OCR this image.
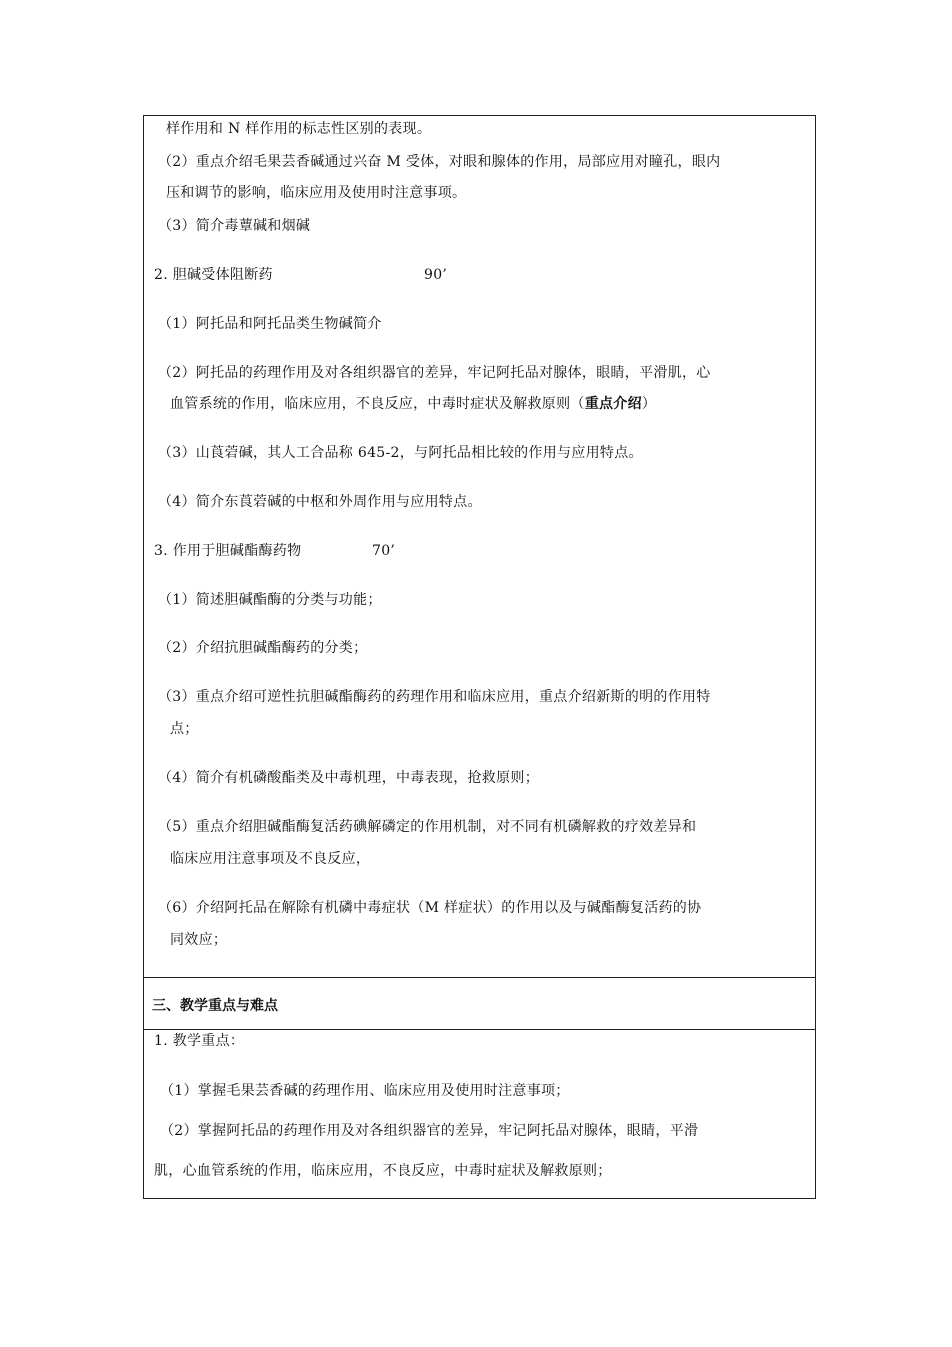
样作用和 N 样作用的标志性区别的表现。
（2）重点介绍毛果芸香碱通过兴奋 M 受体，对眼和腺体的作用，局部应用对瞳孔，眼内
压和调节的影响，临床应用及使用时注意事项。
（3）简介毒蕈碱和烟碱
2. 胆碱受体阻断药	90’
（1）阿托品和阿托品类生物碱简介
（2）阿托品的药理作用及对各组织器官的差异，牢记阿托品对腺体，眼睛，平滑肌，心
血管系统的作用，临床应用，不良反应，中毒时症状及解救原则（重点介绍）
（3）山莨菪碱，其人工合品称 645-2，与阿托品相比较的作用与应用特点。
（4）简介东莨菪碱的中枢和外周作用与应用特点。
3. 作用于胆碱酯酶药物	70’
（1）简述胆碱酯酶的分类与功能；
（2）介绍抗胆碱酯酶药的分类；
（3）重点介绍可逆性抗胆碱酯酶药的药理作用和临床应用，重点介绍新斯的明的作用特
点；
（4）简介有机磷酸酯类及中毒机理，中毒表现，抢救原则；
（5）重点介绍胆碱酯酶复活药碘解磷定的作用机制，对不同有机磷解救的疗效差异和
临床应用注意事项及不良反应，
（6）介绍阿托品在解除有机磷中毒症状（M 样症状）的作用以及与碱酯酶复活药的协
同效应；
三、教学重点与难点
1. 教学重点：
（1）掌握毛果芸香碱的药理作用、临床应用及使用时注意事项；
（2）掌握阿托品的药理作用及对各组织器官的差异，牢记阿托品对腺体，眼睛，平滑
肌，心血管系统的作用，临床应用，不良反应，中毒时症状及解救原则；
